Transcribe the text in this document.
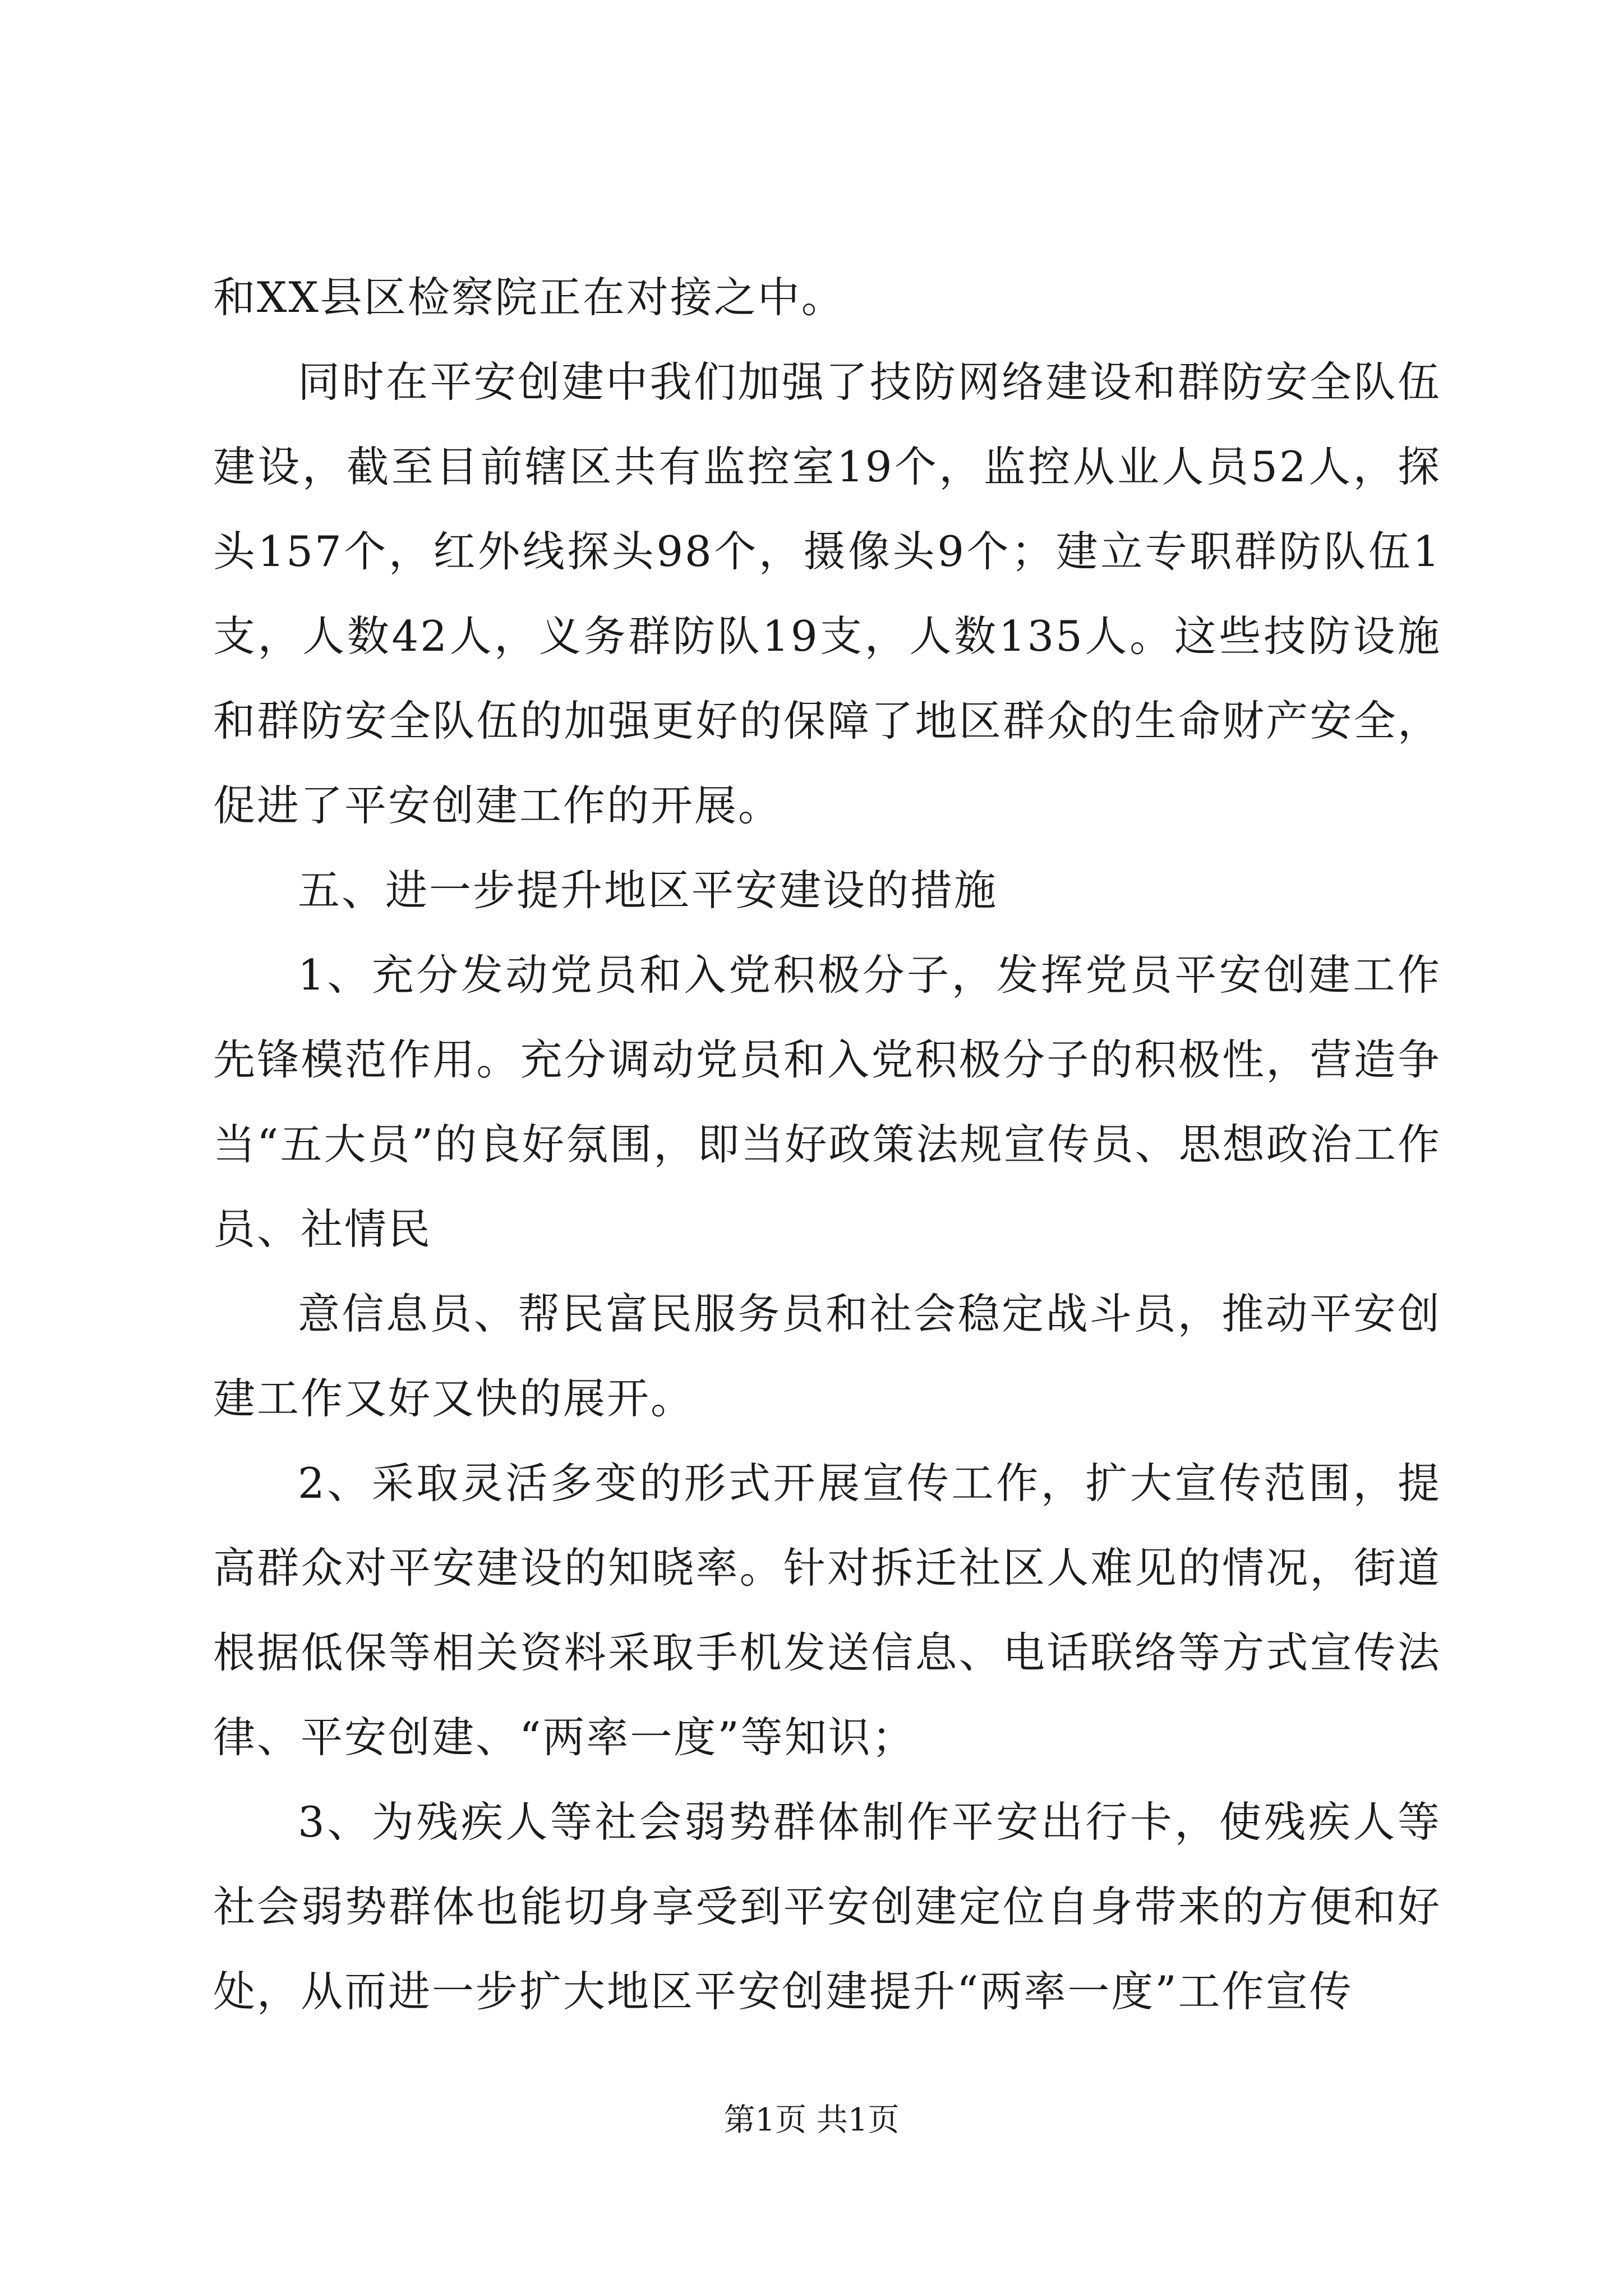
和XX县区检察院正在对接之中。

同时在平安创建中我们加强了技防网络建设和群防安全队伍建设，截至目前辖区共有监控室19个，监控从业人员52人，探头157个，红外线探头98个，摄像头9个；建立专职群防队伍1支，人数42人，义务群防队19支，人数135人。这些技防设施和群防安全队伍的加强更好的保障了地区群众的生命财产安全，促进了平安创建工作的开展。

五、进一步提升地区平安建设的措施

1、充分发动党员和入党积极分子，发挥党员平安创建工作先锋模范作用。充分调动党员和入党积极分子的积极性，营造争当“五大员”的良好氛围，即当好政策法规宣传员、思想政治工作员、社情民

意信息员、帮民富民服务员和社会稳定战斗员，推动平安创建工作又好又快的展开。

2、采取灵活多变的形式开展宣传工作，扩大宣传范围，提高群众对平安建设的知晓率。针对拆迁社区人难见的情况，街道根据低保等相关资料采取手机发送信息、电话联络等方式宣传法律、平安创建、“两率一度”等知识；

3、为残疾人等社会弱势群体制作平安出行卡，使残疾人等社会弱势群体也能切身享受到平安创建定位自身带来的方便和好处，从而进一步扩大地区平安创建提升“两率一度”工作宣传

第1页 共1页
